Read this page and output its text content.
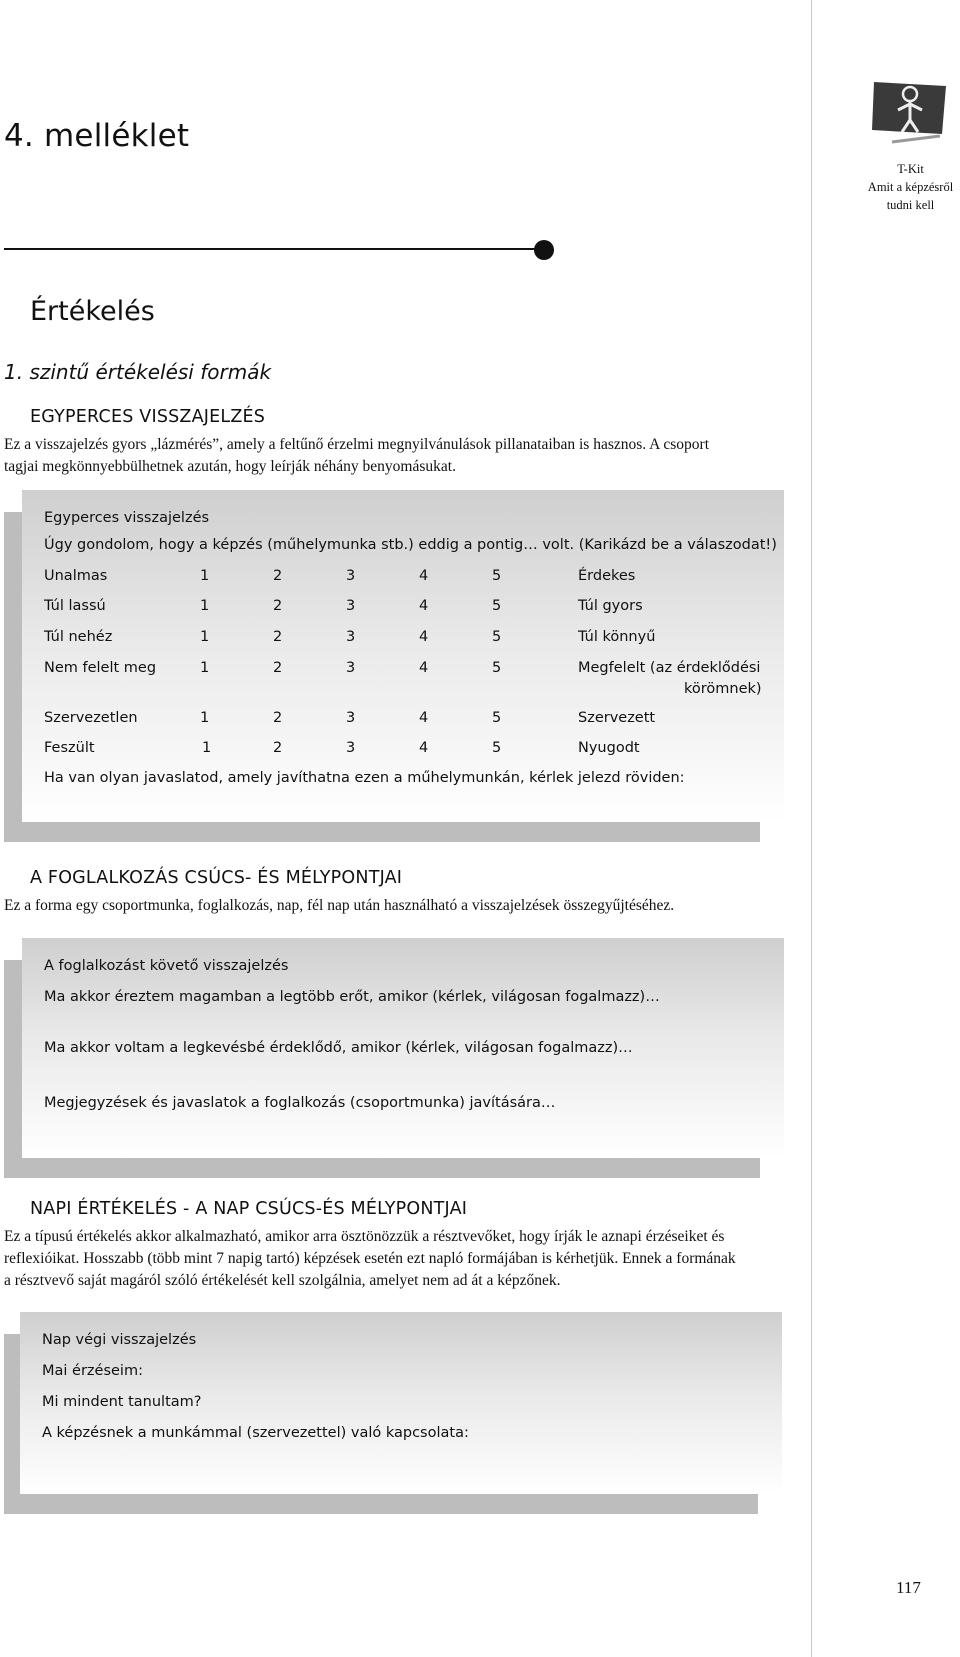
T-Kit
Amit a képzésről
tudni kell
4. melléklet
Értékelés
1. szintű értékelési formák
EGYPERCES VISSZAJELZÉS

Ez a visszajelzés gyors „lázmérés”, amely a feltűnő érzelmi megnyilvánulások pillanataiban is hasznos. A csoport

tagjai megkönnyebbülhetnek azután, hogy leírják néhány benyomásukat.

Egyperces visszajelzés

Úgy gondolom, hogy a képzés (műhelymunka stb.) eddig a pontig… volt. (Karikázd be a válaszodat!)

Unalmas	1	2	3	4	5	Érdekes
Túl lassú	1	2	3	4	5	Túl gyors
Túl nehéz	1	2	3	4	5	Túl könnyű
Nem felelt meg	1	2	3	4	5	Megfelelt (az érdeklődési
körömnek)
Szervezetlen	1	2	3	4	5	Szervezett
Feszült	1	2	3	4	5	Nyugodt

Ha van olyan javaslatod, amely javíthatna ezen a műhelymunkán, kérlek jelezd röviden:

A FOGLALKOZÁS CSÚCS- ÉS MÉLYPONTJAI

Ez a forma egy csoportmunka, foglalkozás, nap, fél nap után használható a visszajelzések összegyűjtéséhez.

A foglalkozást követő visszajelzés

Ma akkor éreztem magamban a legtöbb erőt, amikor (kérlek, világosan fogalmazz)…

Ma akkor voltam a legkevésbé érdeklődő, amikor (kérlek, világosan fogalmazz)…

Megjegyzések és javaslatok a foglalkozás (csoportmunka) javítására…

NAPI ÉRTÉKELÉS - A NAP CSÚCS-ÉS MÉLYPONTJAI

Ez a típusú értékelés akkor alkalmazható, amikor arra ösztönözzük a résztvevőket, hogy írják le aznapi érzéseiket és

reflexióikat. Hosszabb (több mint 7 napig tartó) képzések esetén ezt napló formájában is kérhetjük. Ennek a formának

a résztvevő saját magáról szóló értékelését kell szolgálnia, amelyet nem ad át a képzőnek.

Nap végi visszajelzés

Mai érzéseim:

Mi mindent tanultam?

A képzésnek a munkámmal (szervezettel) való kapcsolata:

117
